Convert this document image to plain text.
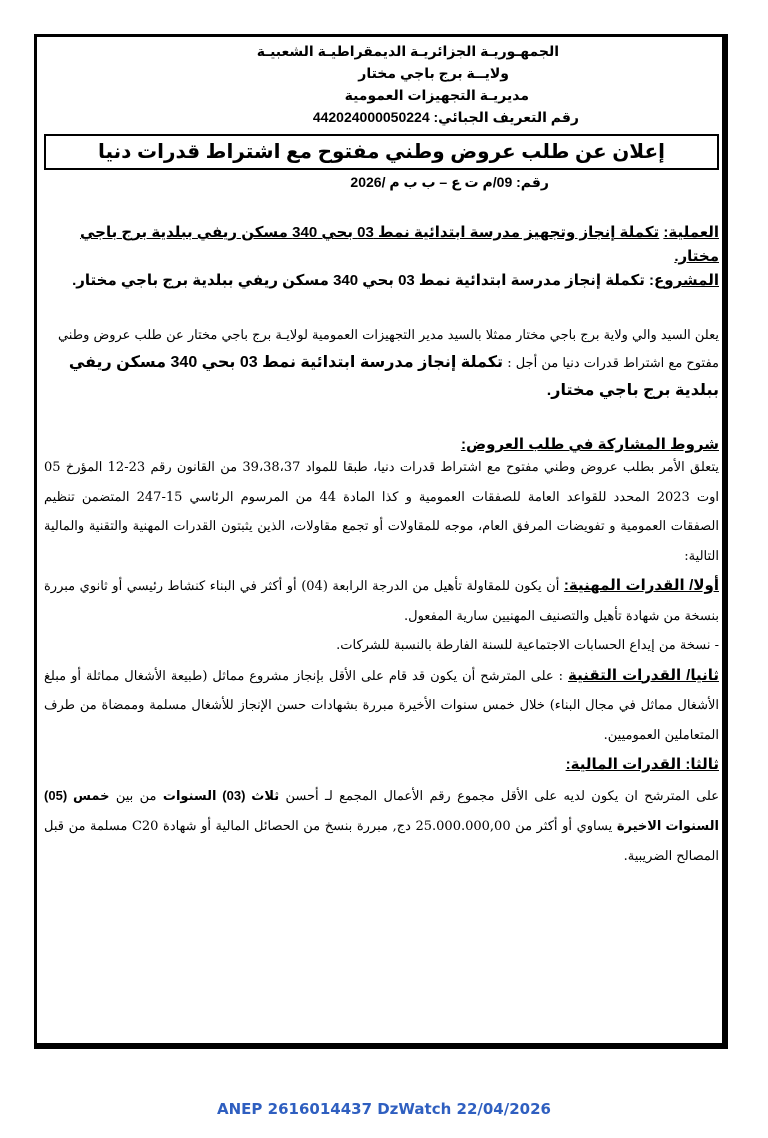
الجمهـوريـة الجزائريـة الديمقراطيـة الشعبيـة
ولايــة برج باجي مختار
مديريـة التجهيزات العمومية
رقم التعريف الجبائي: 442024000050224
إعلان عن طلب عروض وطني مفتوح مع اشتراط قدرات دنيا
رقم: 09/م ت ع – ب ب م /2026

العملية: تكملة إنجاز وتجهيز مدرسة ابتدائية نمط 03 بحي 340 مسكن ريفي ببلدية برج باجي مختار.

المشروع: تكملة إنجاز مدرسة ابتدائية نمط 03 بحي 340 مسكن ريفي ببلدية برج باجي مختار.

يعلن السيد والي ولاية برج باجي مختار ممثلا بالسيد مدير التجهيزات العمومية لولايـة برج باجي مختار عن طلب عروض وطني مفتوح مع اشتراط قدرات دنيا من أجل : تكملة إنجاز مدرسة ابتدائية نمط 03 بحي 340 مسكن ريفي ببلدية برج باجي مختار.
شروط المشاركة في طلب العروض:

يتعلق الأمر بطلب عروض وطني مفتوح مع اشتراط قدرات دنيا، طبقا للمواد 39،38،37 من القانون رقم 23-12 المؤرخ 05 اوت 2023 المحدد للقواعد العامة للصفقات العمومية و كذا المادة 44 من المرسوم الرئاسي 15-247 المتضمن تنظيم الصفقات العمومية و تفويضات المرفق العام، موجه للمقاولات أو تجمع مقاولات، الذين يثبتون القدرات المهنية والتقنية والمالية التالية:

أولا/ القدرات المهنية: أن يكون للمقاولة تأهيل من الدرجة الرابعة (04) أو أكثر في البناء كنشاط رئيسي أو ثانوي مبررة بنسخة من شهادة تأهيل والتصنيف المهنيين سارية المفعول.

- نسخة من إيداع الحسابات الاجتماعية للسنة الفارطة بالنسبة للشركات.

ثانيا/ القدرات التقنية : على المترشح أن يكون قد قام على الأقل بإنجاز مشروع مماثل (طبيعة الأشغال مماثلة أو مبلغ الأشغال مماثل في مجال البناء) خلال خمس سنوات الأخيرة مبررة بشهادات حسن الإنجاز للأشغال مسلمة وممضاة من طرف المتعاملين العموميين.

ثالثا: القدرات المالية:

على المترشح ان يكون لديه على الأقل مجموع رقم الأعمال المجمع لـ أحسن ثلاث (03) السنوات من بين خمس (05) السنوات الاخيرة يساوي أو أكثر من 25.000.000,00 دج, مبررة بنسخ من الحصائل المالية أو شهادة C20 مسلمة من قبل المصالح الضريبية.

ANEP 2616014437 DzWatch 22/04/2026
